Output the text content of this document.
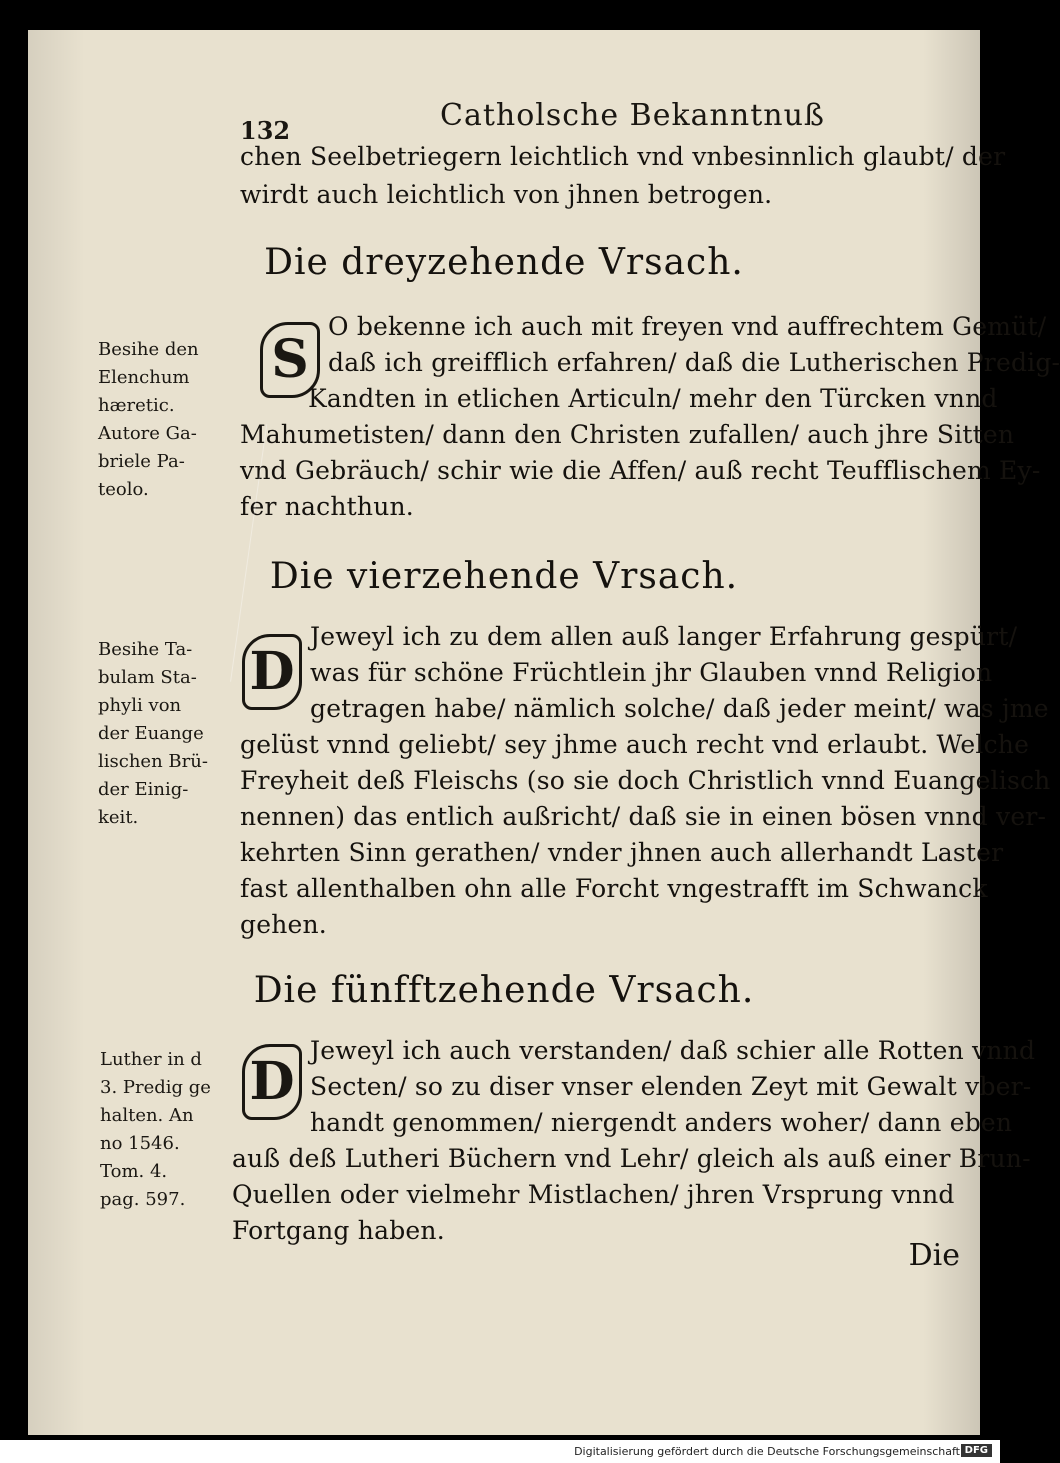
132	Catholsche Bekanntnuß
chen Seelbetriegern leichtlich vnd vnbesinnlich glaubt/ der
wirdt auch leichtlich von jhnen betrogen.
Die dreyzehende Vrsach.
S
O bekenne ich auch mit freyen vnd auffrechtem Gemüt/
daß ich greifflich erfahren/ daß die Lutherischen Predig-
Kandten in etlichen Articuln/ mehr den Türcken vnnd
Mahumetisten/ dann den Christen zufallen/ auch jhre Sitten
vnd Gebräuch/ schir wie die Affen/ auß recht Teufflischem Ey-
fer nachthun.
Besihe den
Elenchum
hæretic.
Autore Ga-
briele Pa-
teolo.
Die vierzehende Vrsach.
D
Jeweyl ich zu dem allen auß langer Erfahrung gespürt/
was für schöne Früchtlein jhr Glauben vnnd Religion
getragen habe/ nämlich solche/ daß jeder meint/ was jme
gelüst vnnd geliebt/ sey jhme auch recht vnd erlaubt. Welche
Freyheit deß Fleischs (so sie doch Christlich vnnd Euangelisch
nennen) das entlich außricht/ daß sie in einen bösen vnnd ver-
kehrten Sinn gerathen/ vnder jhnen auch allerhandt Laster
fast allenthalben ohn alle Forcht vngestrafft im Schwanck
gehen.
Besihe Ta-
bulam Sta-
phyli von
der Euange
lischen Brü-
der Einig-
keit.
Die fünfftzehende Vrsach.
D
Jeweyl ich auch verstanden/ daß schier alle Rotten vnnd
Secten/ so zu diser vnser elenden Zeyt mit Gewalt vber-
handt genommen/ niergendt anders woher/ dann eben
auß deß Lutheri Büchern vnd Lehr/ gleich als auß einer Brun-
Quellen oder vielmehr Mistlachen/ jhren Vrsprung vnnd
Fortgang haben.
Luther in d
3. Predig ge
halten. An
no 1546.
Tom. 4.
pag. 597.
Die
Digitalisierung gefördert durch die Deutsche Forschungsgemeinschaft DFG
